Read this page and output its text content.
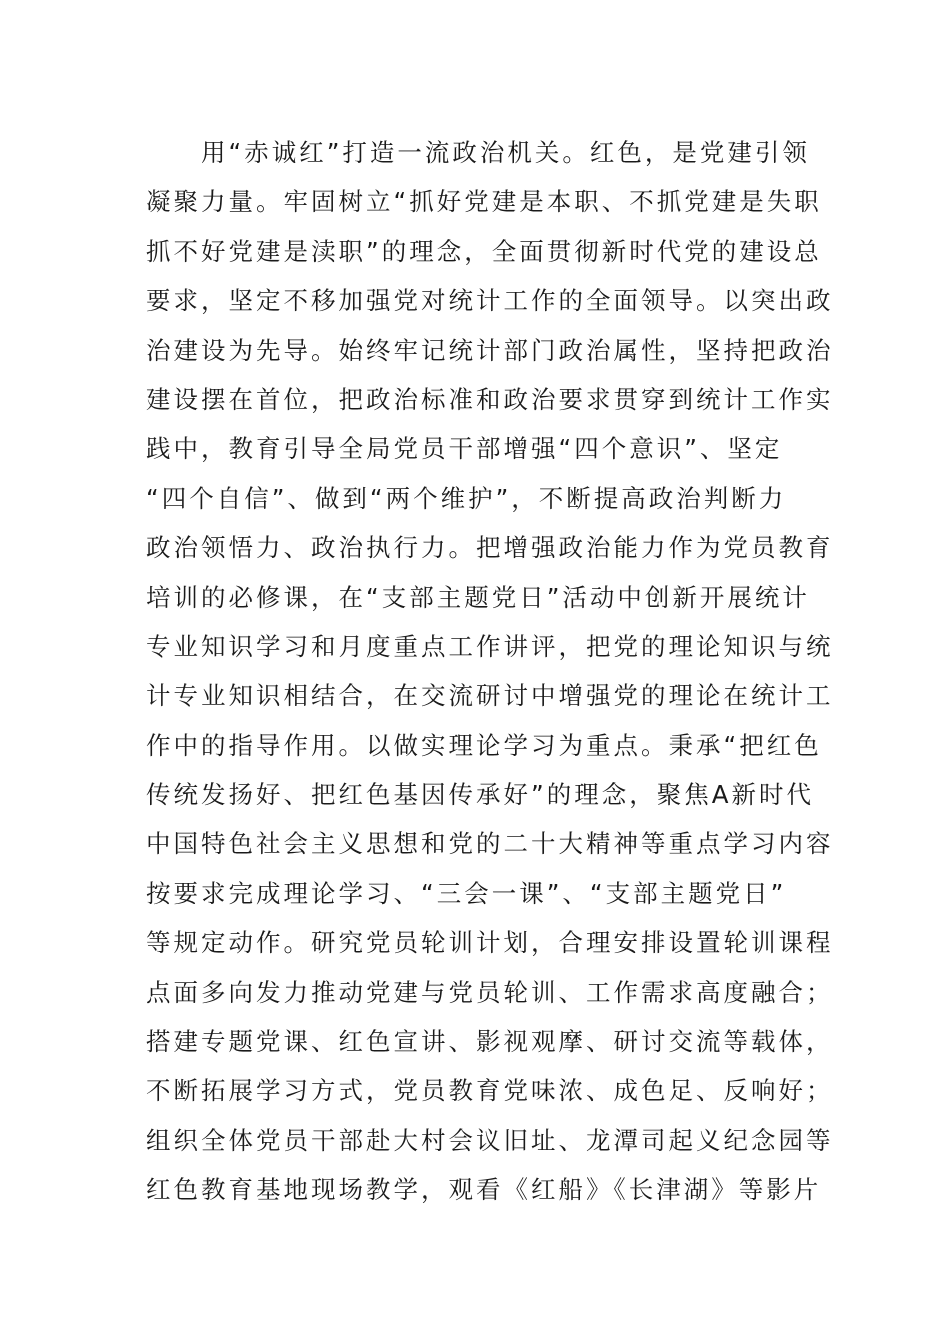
用“赤诚红”打造一流政治机关。红色，是党建引领
凝聚力量。牢固树立“抓好党建是本职、不抓党建是失职
抓不好党建是渎职”的理念，全面贯彻新时代党的建设总
要求，坚定不移加强党对统计工作的全面领导。以突出政
治建设为先导。始终牢记统计部门政治属性，坚持把政治
建设摆在首位，把政治标准和政治要求贯穿到统计工作实
践中，教育引导全局党员干部增强“四个意识”、坚定
“四个自信”、做到“两个维护”，不断提高政治判断力
政治领悟力、政治执行力。把增强政治能力作为党员教育
培训的必修课，在“支部主题党日”活动中创新开展统计
专业知识学习和月度重点工作讲评，把党的理论知识与统
计专业知识相结合，在交流研讨中增强党的理论在统计工
作中的指导作用。以做实理论学习为重点。秉承“把红色
传统发扬好、把红色基因传承好”的理念，聚焦A新时代
中国特色社会主义思想和党的二十大精神等重点学习内容
按要求完成理论学习、“三会一课”、“支部主题党日”
等规定动作。研究党员轮训计划，合理安排设置轮训课程
点面多向发力推动党建与党员轮训、工作需求高度融合；
搭建专题党课、红色宣讲、影视观摩、研讨交流等载体，
不断拓展学习方式，党员教育党味浓、成色足、反响好；
组织全体党员干部赴大村会议旧址、龙潭司起义纪念园等
红色教育基地现场教学，观看《红船》《长津湖》等影片
